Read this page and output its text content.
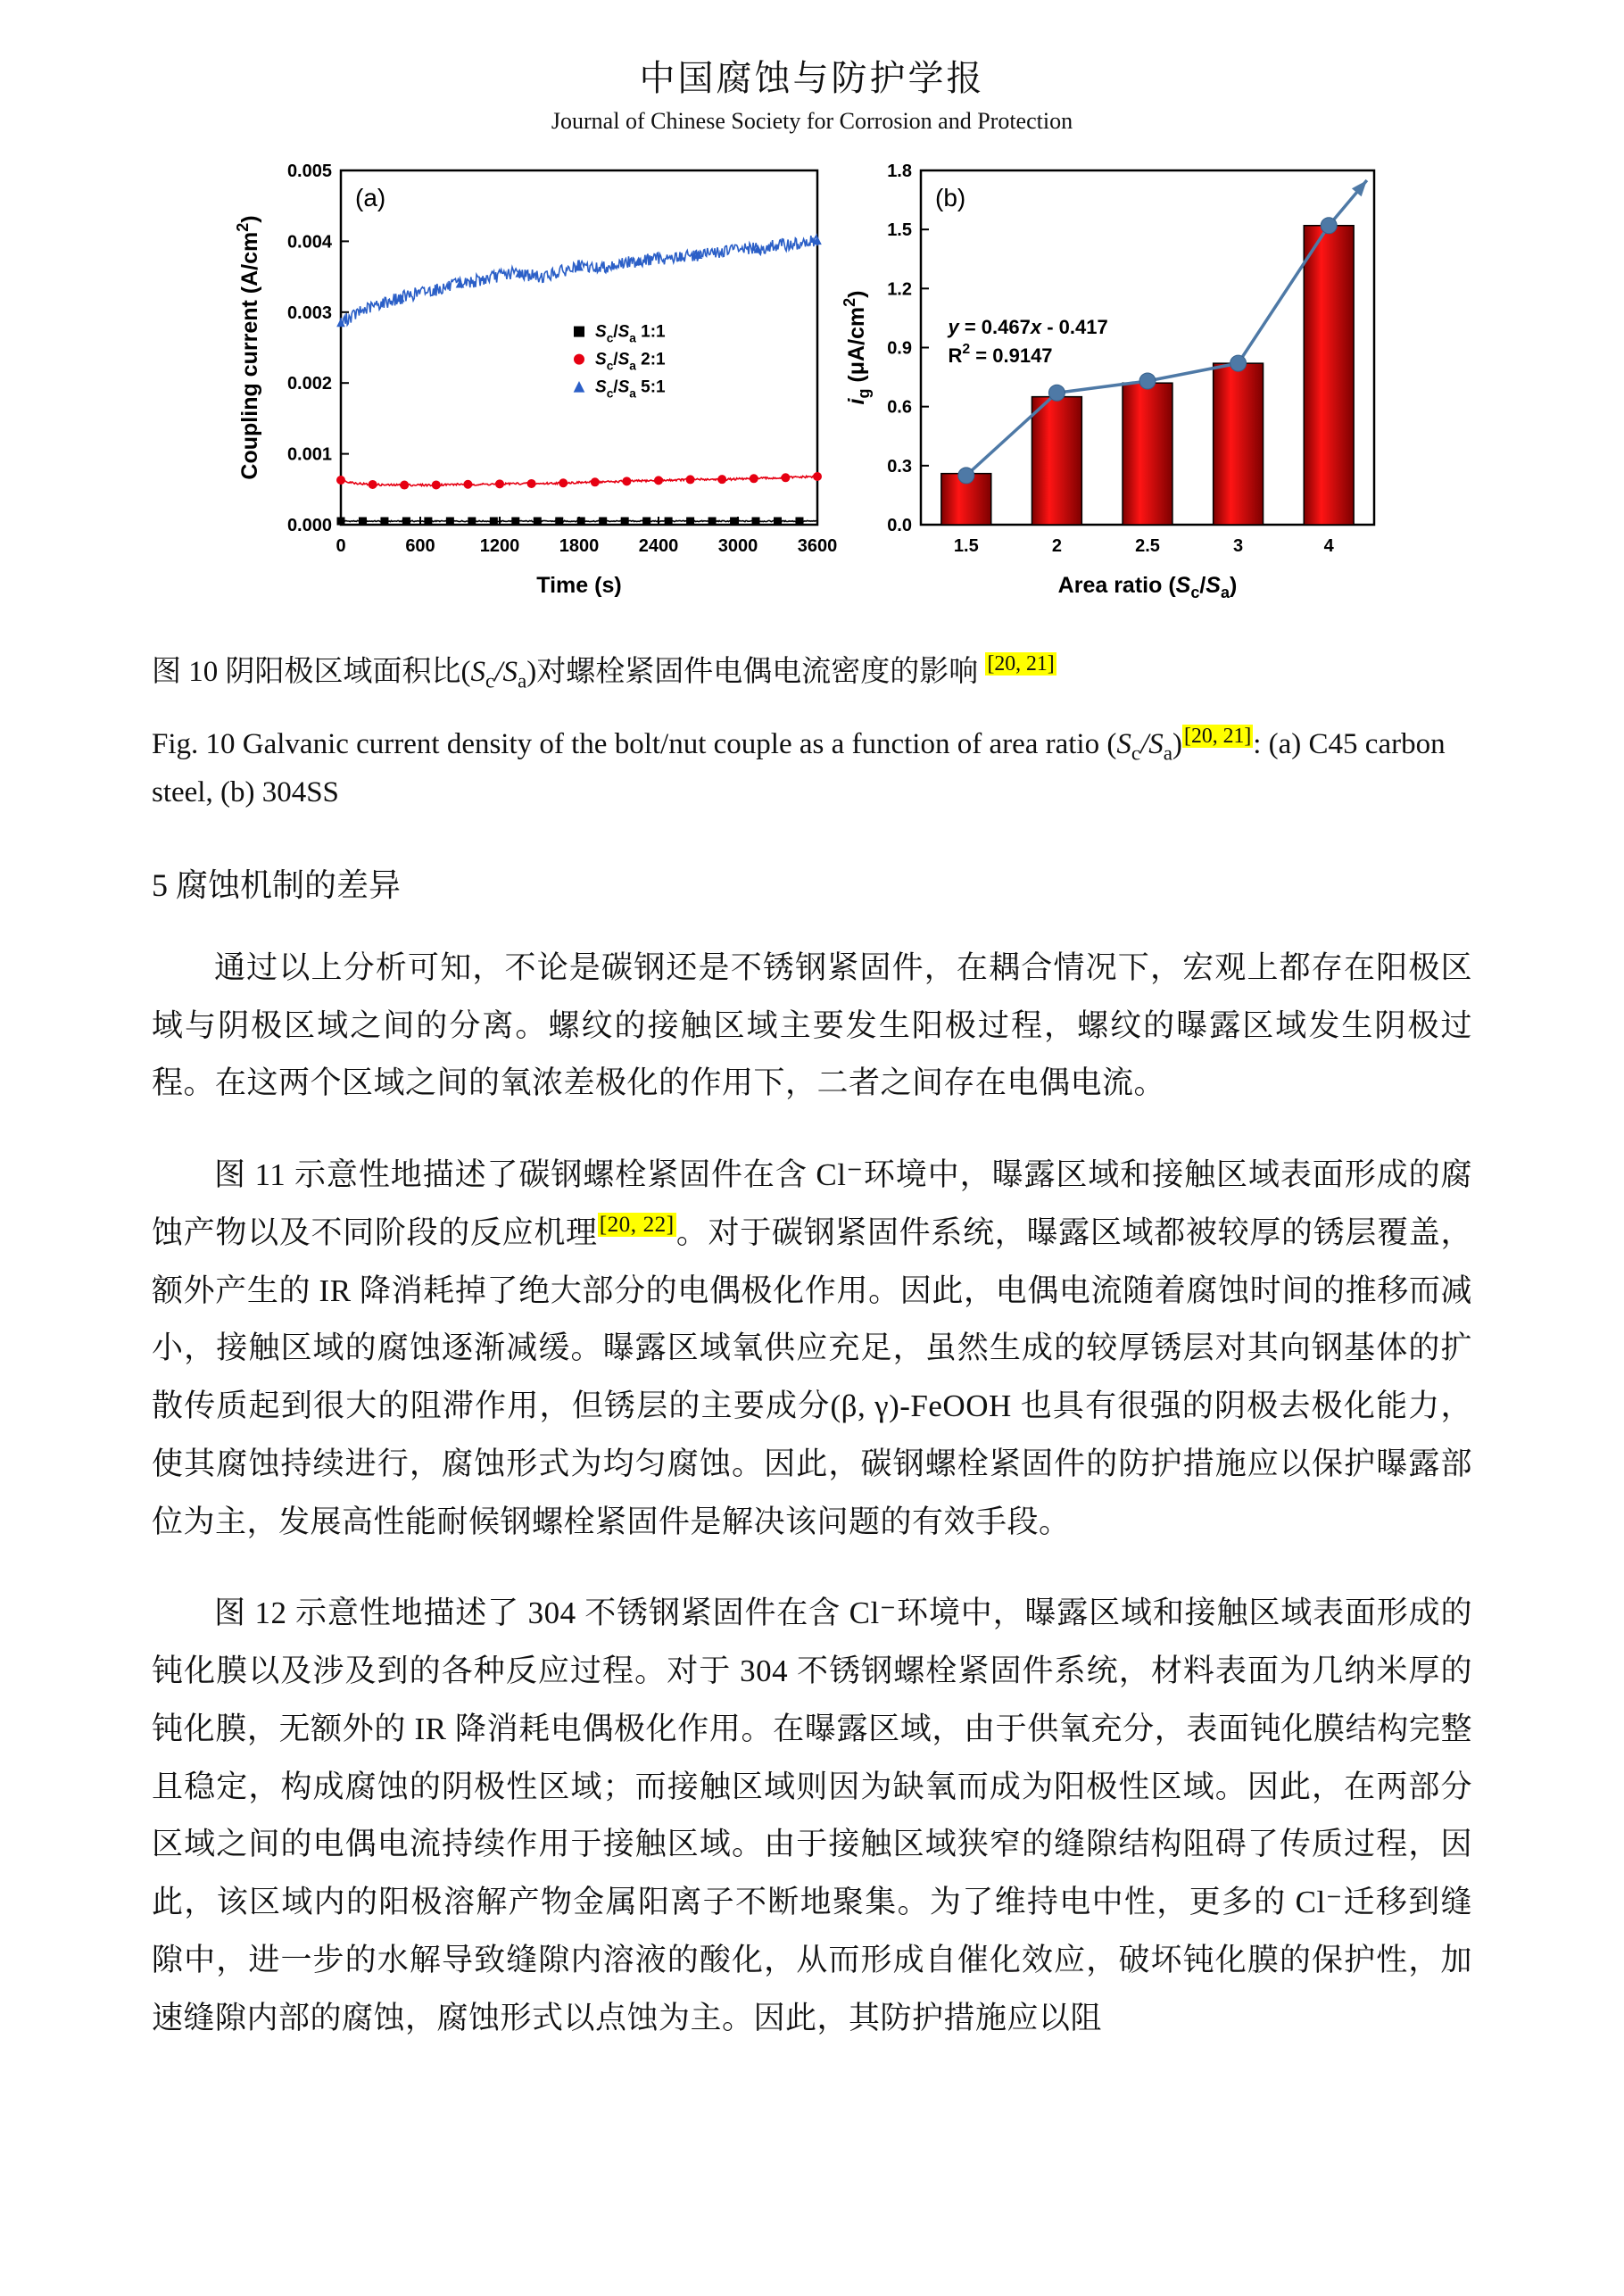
中国腐蚀与防护学报
Journal of Chinese Society for Corrosion and Protection
0	600	1200 1800 2400 3000 3600
0.000
0.001
0.002
0.003
0.004
0.005
Time (s)
Coupling current $(A/cm^2)$
$S_c/S_a$ 1:1
$S_c/S_a$ 2:1
$S_c/S_a$ 5:1
(a)
0.0
0.3
0.6
0.9
1.2
1.5
1.8
1.5	2	2.5	3	4
Area ratio $(S_c/S_a)$
$i_g$ $(\mu A/cm^2)$
y = 0.467x - 0.417
$R^2 = 0.9147$
(b)

图 10 阴阳极区域面积比$(S_c/S_a)$对螺栓紧固件电偶电流密度的影响 [20, 21]

Fig. 10 Galvanic current density of the bolt/nut couple as a function of area ratio $(S_c/S_a)[20, 21]$: (a) C45 carbon steel, (b) 304SS

5 腐蚀机制的差异

通过以上分析可知，不论是碳钢还是不锈钢紧固件，在耦合情况下，宏观上都存在阳极区域与阴极区域之间的分离。螺纹的接触区域主要发生阳极过程，螺纹的曝露区域发生阴极过程。在这两个区域之间的氧浓差极化的作用下，二者之间存在电偶电流。

图 11 示意性地描述了碳钢螺栓紧固件在含 Cl⁻环境中，曝露区域和接触区域表面形成的腐蚀产物以及不同阶段的反应机理[20, 22]。对于碳钢紧固件系统，曝露区域都被较厚的锈层覆盖，额外产生的 IR 降消耗掉了绝大部分的电偶极化作用。因此，电偶电流随着腐蚀时间的推移而减小，接触区域的腐蚀逐渐减缓。曝露区域氧供应充足，虽然生成的较厚锈层对其向钢基体的扩散传质起到很大的阻滞作用，但锈层的主要成分(β, γ)-FeOOH 也具有很强的阴极去极化能力，使其腐蚀持续进行，腐蚀形式为均匀腐蚀。因此，碳钢螺栓紧固件的防护措施应以保护曝露部位为主，发展高性能耐候钢螺栓紧固件是解决该问题的有效手段。

图 12 示意性地描述了 304 不锈钢紧固件在含 Cl⁻环境中，曝露区域和接触区域表面形成的钝化膜以及涉及到的各种反应过程。对于 304 不锈钢螺栓紧固件系统，材料表面为几纳米厚的钝化膜，无额外的 IR 降消耗电偶极化作用。在曝露区域，由于供氧充分，表面钝化膜结构完整且稳定，构成腐蚀的阴极性区域；而接触区域则因为缺氧而成为阳极性区域。因此，在两部分区域之间的电偶电流持续作用于接触区域。由于接触区域狭窄的缝隙结构阻碍了传质过程，因此，该区域内的阳极溶解产物金属阳离子不断地聚集。为了维持电中性，更多的 Cl⁻迁移到缝隙中，进一步的水解导致缝隙内溶液的酸化，从而形成自催化效应，破坏钝化膜的保护性，加速缝隙内部的腐蚀，腐蚀形式以点蚀为主。因此，其防护措施应以阻
